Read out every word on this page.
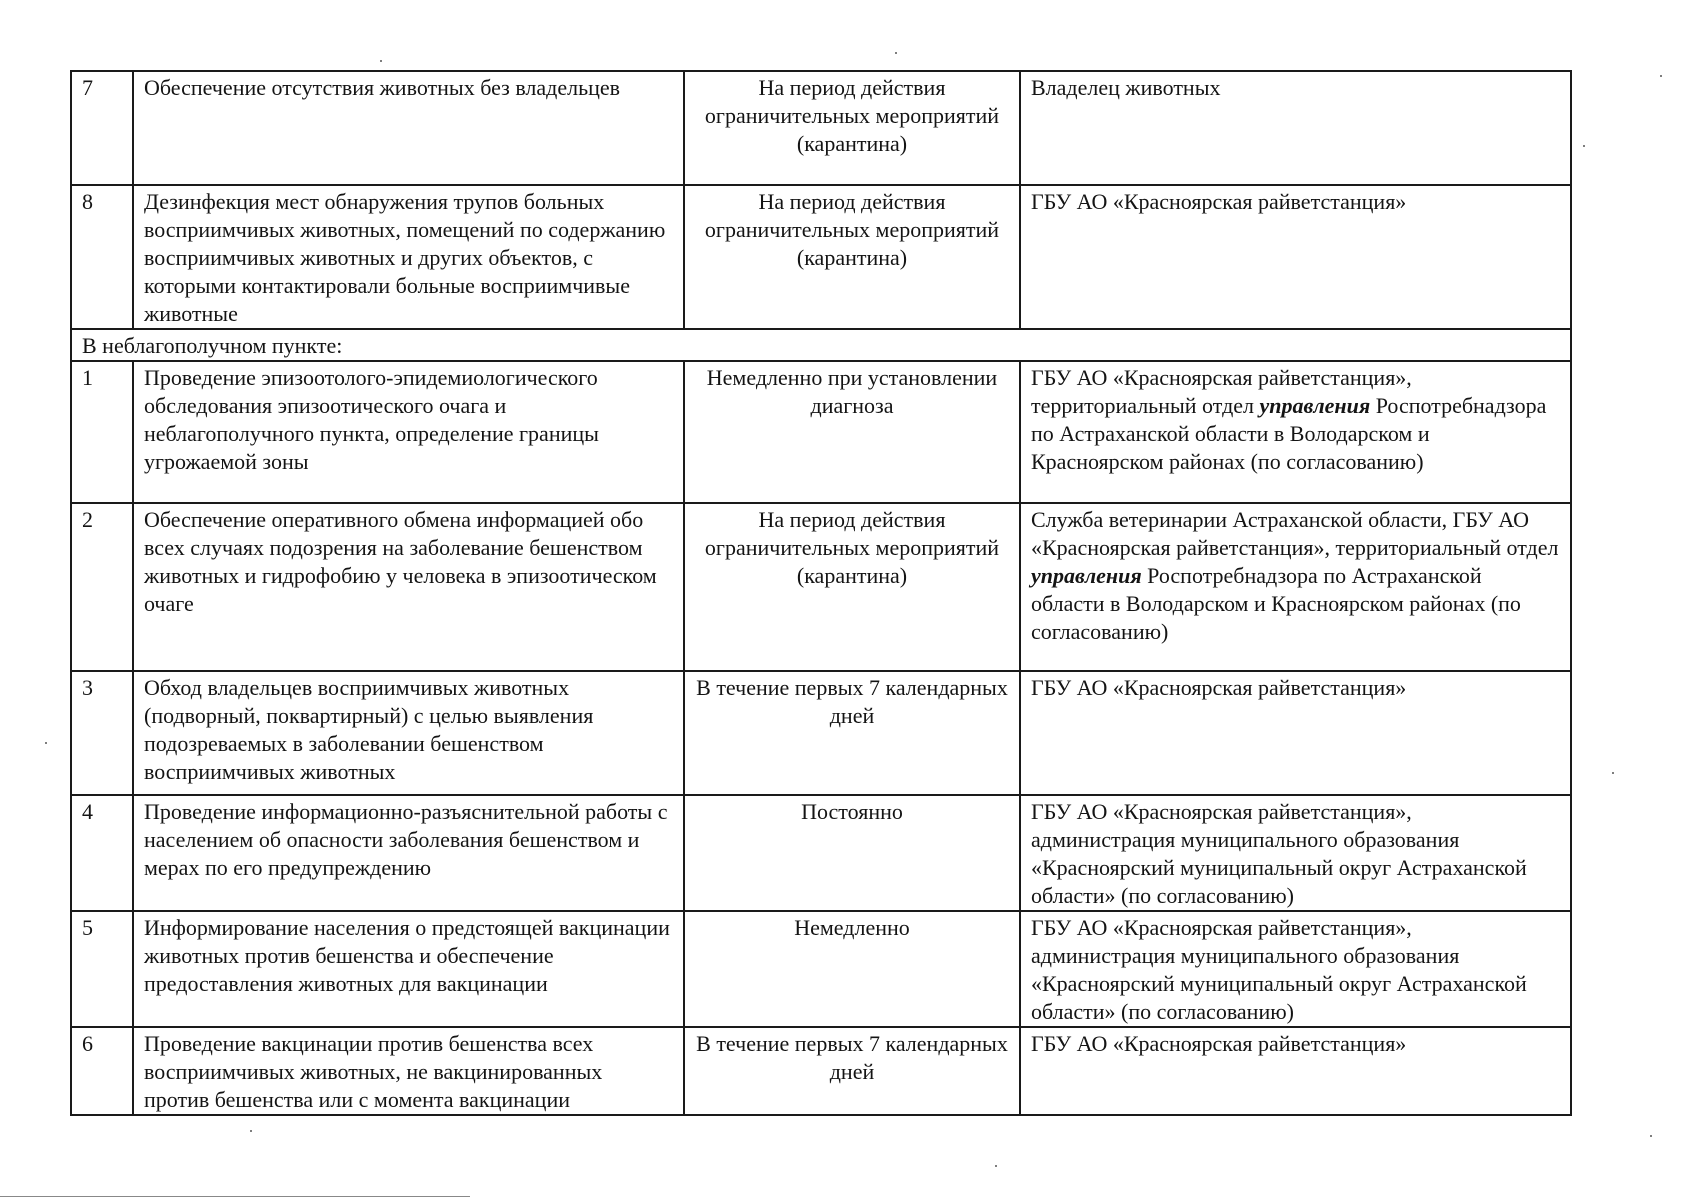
7	Обеспечение отсутствия животных без владельцев	На период действия ограничительных мероприятий (карантина)	Владелец животных
8	Дезинфекция мест обнаружения трупов больных восприимчивых животных, помещений по содержанию восприимчивых животных и других объектов, с которыми контактировали больные восприимчивые животные	На период действия ограничительных мероприятий (карантина)	ГБУ АО «Красноярская райветстанция»
В неблагополучном пункте:			
1	Проведение эпизоотолого-эпидемиологического обследования эпизоотического очага и неблагополучного пункта, определение границы угрожаемой зоны	Немедленно при установлении диагноза	ГБУ АО «Красноярская райветстанция», территориальный отдел управления Роспотребнадзора по Астраханской области в Володарском и Красноярском районах (по согласованию)
2	Обеспечение оперативного обмена информацией обо всех случаях подозрения на заболевание бешенством животных и гидрофобию у человека в эпизоотическом очаге	На период действия ограничительных мероприятий (карантина)	Служба ветеринарии Астраханской области, ГБУ АО «Красноярская райветстанция», территориальный отдел управления Роспотребнадзора по Астраханской области в Володарском и Красноярском районах (по согласованию)
3	Обход владельцев восприимчивых животных (подворный, поквартирный) с целью выявления подозреваемых в заболевании бешенством восприимчивых животных	В течение первых 7 календарных дней	ГБУ АО «Красноярская райветстанция»
4	Проведение информационно-разъяснительной работы с населением об опасности заболевания бешенством и мерах по его предупреждению	Постоянно	ГБУ АО «Красноярская райветстанция», администрация муниципального образования «Красноярский муниципальный округ Астраханской области» (по согласованию)
5	Информирование населения о предстоящей вакцинации животных против бешенства и обеспечение предоставления животных для вакцинации	Немедленно	ГБУ АО «Красноярская райветстанция», администрация муниципального образования «Красноярский муниципальный округ Астраханской области» (по согласованию)
6	Проведение вакцинации против бешенства всех восприимчивых животных, не вакцинированных против бешенства или с момента вакцинации	В течение первых 7 календарных дней	ГБУ АО «Красноярская райветстанция»
